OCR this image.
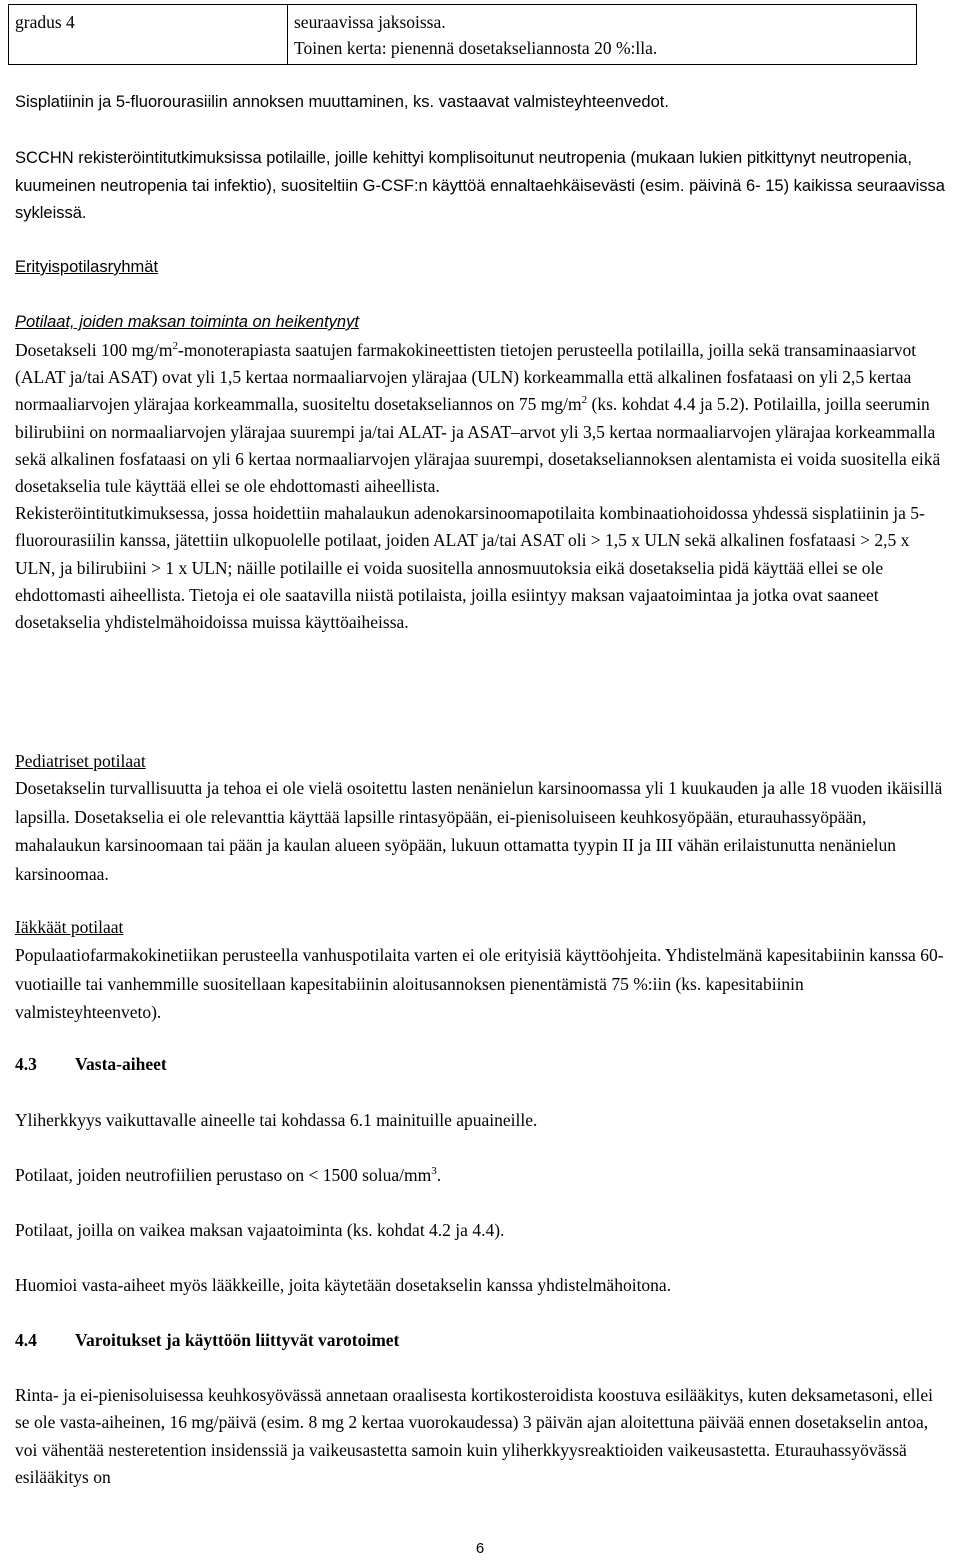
gradus 4	seuraavissa jaksoissa.
Toinen kerta: pienennä dosetakseliannosta 20 %:lla.

Sisplatiinin ja 5-fluorourasiilin annoksen muuttaminen, ks. vastaavat valmisteyhteenvedot.

SCCHN rekisteröintitutkimuksissa potilaille, joille kehittyi komplisoitunut neutropenia (mukaan lukien pitkittynyt neutropenia, kuumeinen neutropenia tai infektio), suositeltiin G-CSF:n käyttöä ennaltaehkäisevästi (esim. päivinä 6- 15) kaikissa seuraavissa sykleissä.

Erityispotilasryhmät

Potilaat, joiden maksan toiminta on heikentynyt

Dosetakseli 100 $mg/m^2$-monoterapiasta saatujen farmakokineettisten tietojen perusteella potilailla, joilla sekä transaminaasiarvot (ALAT ja/tai ASAT) ovat yli 1,5 kertaa normaaliarvojen ylärajaa (ULN) korkeammalla että alkalinen fosfataasi on yli 2,5 kertaa normaaliarvojen ylärajaa korkeammalla, suositeltu dosetakseliannos on 75 $mg/m^2$ (ks. kohdat 4.4 ja 5.2). Potilailla, joilla seerumin bilirubiini on normaaliarvojen ylärajaa suurempi ja/tai ALAT- ja ASAT–arvot yli 3,5 kertaa normaaliarvojen ylärajaa korkeammalla sekä alkalinen fosfataasi on yli 6 kertaa normaaliarvojen ylärajaa suurempi, dosetakseliannoksen alentamista ei voida suositella eikä dosetakselia tule käyttää ellei se ole ehdottomasti aiheellista.
Rekisteröintitutkimuksessa, jossa hoidettiin mahalaukun adenokarsinoomapotilaita kombinaatiohoidossa yhdessä sisplatiinin ja 5-fluorourasiilin kanssa, jätettiin ulkopuolelle potilaat, joiden ALAT ja/tai ASAT oli > 1,5 x ULN sekä alkalinen fosfataasi > 2,5 x ULN, ja bilirubiini > 1 x ULN; näille potilaille ei voida suositella annosmuutoksia eikä dosetakselia pidä käyttää ellei se ole ehdottomasti aiheellista. Tietoja ei ole saatavilla niistä potilaista, joilla esiintyy maksan vajaatoimintaa ja jotka ovat saaneet dosetakselia yhdistelmähoidoissa muissa käyttöaiheissa.

Pediatriset potilaat

Dosetakselin turvallisuutta ja tehoa ei ole vielä osoitettu lasten nenänielun karsinoomassa yli 1 kuukauden ja alle 18 vuoden ikäisillä lapsilla. Dosetakselia ei ole relevanttia käyttää lapsille rintasyöpään, ei-pienisoluiseen keuhkosyöpään, eturauhassyöpään, mahalaukun karsinoomaan tai pään ja kaulan alueen syöpään, lukuun ottamatta tyypin II ja III vähän erilaistunutta nenänielun karsinoomaa.

Iäkkäät potilaat

Populaatiofarmakokinetiikan perusteella vanhuspotilaita varten ei ole erityisiä käyttöohjeita. Yhdistelmänä kapesitabiinin kanssa 60-vuotiaille tai vanhemmille suositellaan kapesitabiinin aloitusannoksen pienentämistä 75 %:iin (ks. kapesitabiinin valmisteyhteenveto).

4.3 Vasta-aiheet

Yliherkkyys vaikuttavalle aineelle tai kohdassa 6.1 mainituille apuaineille.

Potilaat, joiden neutrofiilien perustaso on < 1500 solua/$mm^3$.

Potilaat, joilla on vaikea maksan vajaatoiminta (ks. kohdat 4.2 ja 4.4).

Huomioi vasta-aiheet myös lääkkeille, joita käytetään dosetakselin kanssa yhdistelmähoitona.

4.4 Varoitukset ja käyttöön liittyvät varotoimet

Rinta- ja ei-pienisoluisessa keuhkosyövässä annetaan oraalisesta kortikosteroidista koostuva esilääkitys, kuten deksametasoni, ellei se ole vasta-aiheinen, 16 mg/päivä (esim. 8 mg 2 kertaa vuorokaudessa) 3 päivän ajan aloitettuna päivää ennen dosetakselin antoa, voi vähentää nesteretention insidenssiä ja vaikeusastetta samoin kuin yliherkkyysreaktioiden vaikeusastetta. Eturauhassyövässä esilääkitys on

6
